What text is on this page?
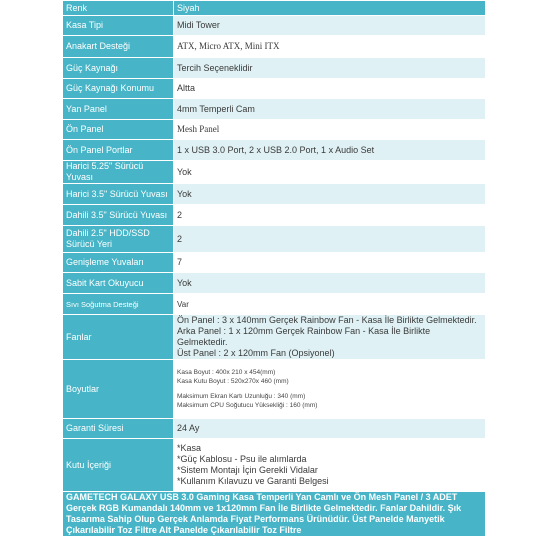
Renk	Siyah
Kasa Tipi	Midi Tower
Anakart Desteği	ATX, Micro ATX, Mini ITX
Güç Kaynağı	Tercih Seçeneklidir
Güç Kaynağı Konumu	Altta
Yan Panel	4mm Temperli Cam
Ön Panel	Mesh Panel
Ön Panel Portlar	1 x USB 3.0 Port, 2 x USB 2.0 Port, 1 x Audio Set
Harici 5.25" Sürücü Yuvası	Yok
Harici 3.5" Sürücü Yuvası	Yok
Dahili 3.5" Sürücü Yuvası	2
Dahili 2.5" HDD/SSD Sürücü Yeri	2
Genişleme Yuvaları	7
Sabit Kart Okuyucu	Yok
Sıvı Soğutma Desteği	Var
Fanlar	Ön Panel : 3 x 140mm Gerçek Rainbow Fan - Kasa İle Birlikte Gelmektedir.
Arka Panel : 1 x 120mm Gerçek Rainbow Fan - Kasa İle Birlikte Gelmektedir.
Üst Panel : 2 x 120mm Fan (Opsiyonel)

Boyutlar	Kasa Boyut : 400x 210 x 454(mm)
Kasa Kutu Boyut : 520x270x 460 (mm)
Maksimum Ekran Kartı Uzunluğu : 340 (mm)
Maksimum CPU Soğutucu Yüksekliği : 160 (mm)

Garanti Süresi	24 Ay
Kutu İçeriği	*Kasa
*Güç Kablosu - Psu ile alımlarda
*Sistem Montajı İçin Gerekli Vidalar
*Kullanım Kılavuzu ve Garanti Belgesi

GAMETECH GALAXY USB 3.0 Gaming Kasa Temperli Yan Camlı ve Ön Mesh Panel / 3 ADET Gerçek RGB Kumandalı 140mm ve 1x120mm Fan İle Birlikte Gelmektedir. Fanlar Dahildir. Şık Tasarıma Sahip Olup Gerçek Anlamda Fiyat Performans Ürünüdür. Üst Panelde Manyetik Çıkarılabilir Toz Filtre Alt Panelde Çıkarılabilir Toz Filtre	
